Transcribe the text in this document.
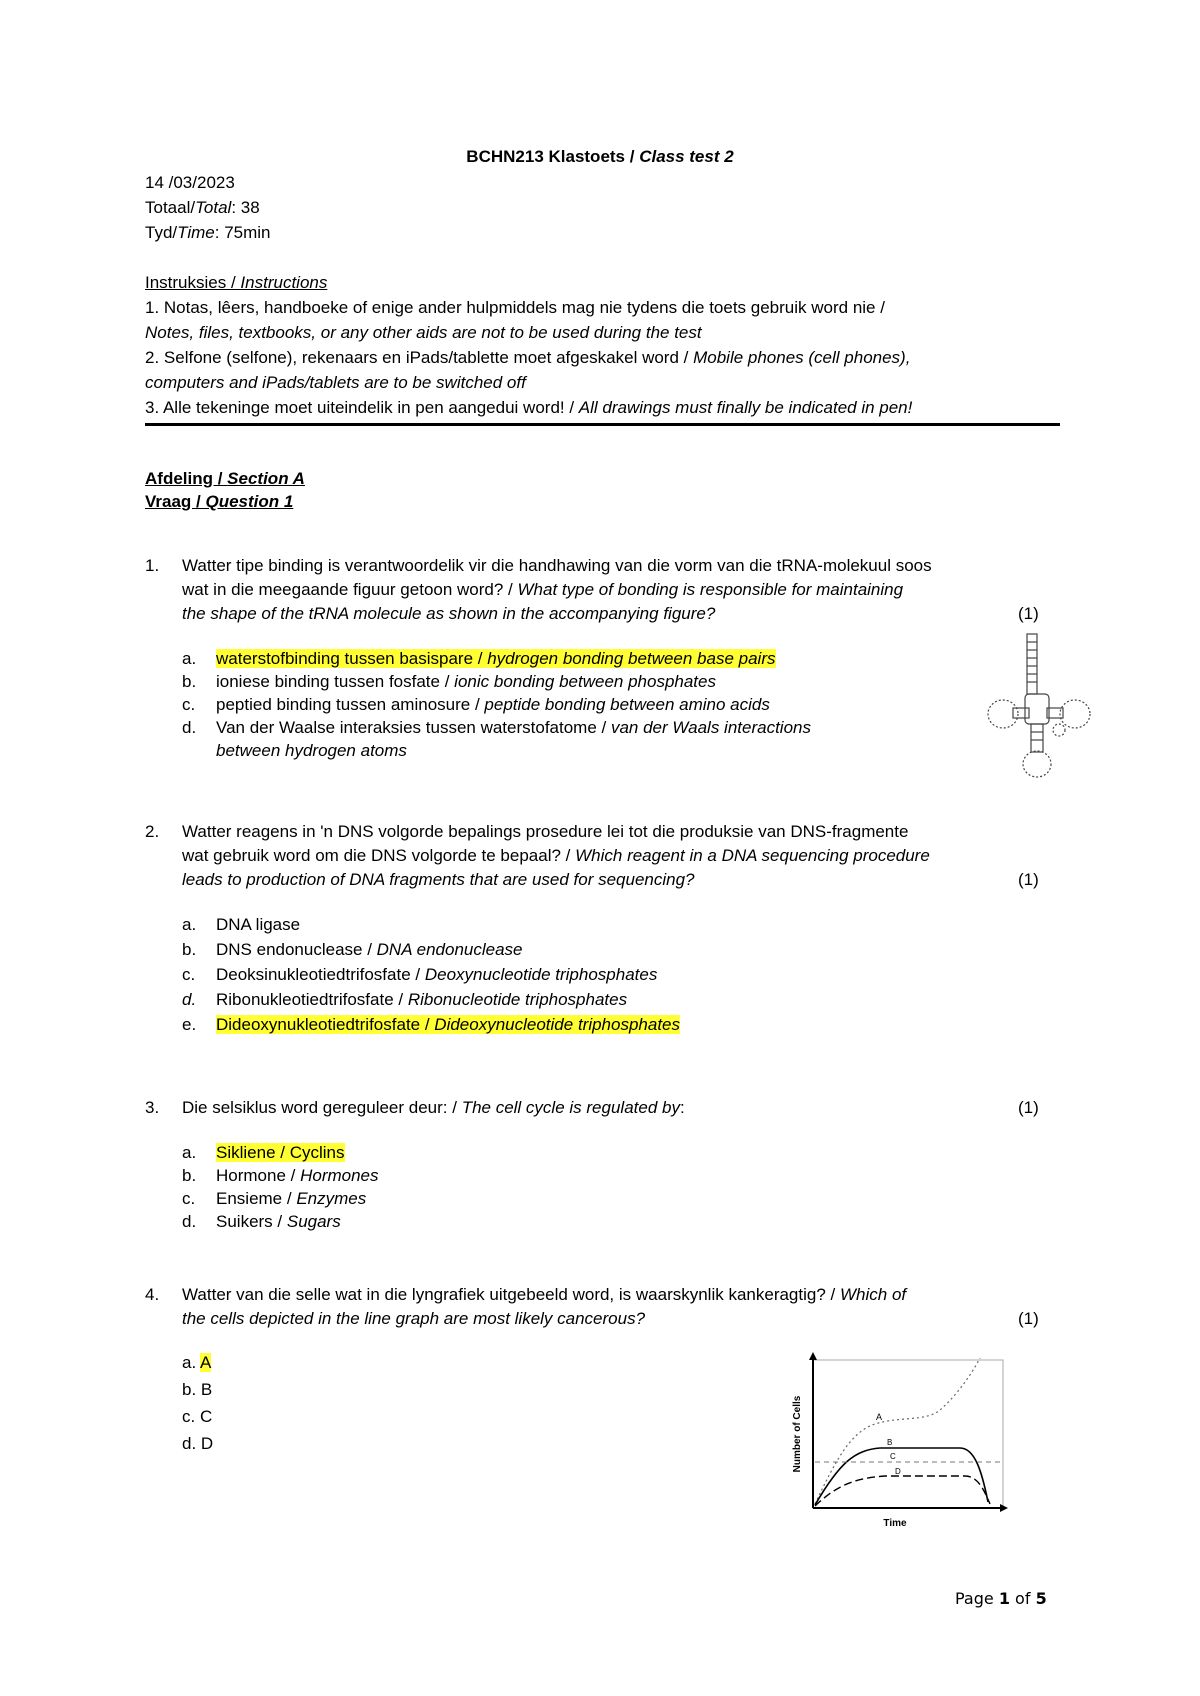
BCHN213 Klastoets / Class test 2
14 /03/2023
Totaal/Total: 38
Tyd/Time: 75min
Instruksies / Instructions
1. Notas, lêers, handboeke of enige ander hulpmiddels mag nie tydens die toets gebruik word nie /
Notes, files, textbooks, or any other aids are not to be used during the test
2. Selfone (selfone), rekenaars en iPads/tablette moet afgeskakel word / Mobile phones (cell phones),
computers and iPads/tablets are to be switched off
3. Alle tekeninge moet uiteindelik in pen aangedui word! / All drawings must finally be indicated in pen!
Afdeling / Section A
Vraag / Question 1
1. Watter tipe binding is verantwoordelik vir die handhawing van die vorm van die tRNA-molekuul soos
wat in die meegaande figuur getoon word? / What type of bonding is responsible for maintaining
the shape of the tRNA molecule as shown in the accompanying figure?	(1)
a. waterstofbinding tussen basispare / hydrogen bonding between base pairs
b. ioniese binding tussen fosfate / ionic bonding between phosphates
c. peptied binding tussen aminosure / peptide bonding between amino acids
d. Van der Waalse interaksies tussen waterstofatome / van der Waals interactions
between hydrogen atoms
2. Watter reagens in 'n DNS volgorde bepalings prosedure lei tot die produksie van DNS-fragmente
wat gebruik word om die DNS volgorde te bepaal? / Which reagent in a DNA sequencing procedure
leads to production of DNA fragments that are used for sequencing?	(1)
a. DNA ligase
b. DNS endonuclease / DNA endonuclease
c. Deoksinukleotiedtrifosfate / Deoxynucleotide triphosphates
d. Ribonukleotiedtrifosfate / Ribonucleotide triphosphates
e. Dideoxynukleotiedtrifosfate / Dideoxynucleotide triphosphates
3. Die selsiklus word gereguleer deur: / The cell cycle is regulated by:	(1)
a. Sikliene / Cyclins
b. Hormone / Hormones
c. Ensieme / Enzymes
d. Suikers / Sugars
4. Watter van die selle wat in die lyngrafiek uitgebeeld word, is waarskynlik kankeragtig? / Which of
the cells depicted in the line graph are most likely cancerous?	(1)
a. A
b. B
c. C
d. D
A
B
C
D
Time
Number of Cells
Page 1 of 5
